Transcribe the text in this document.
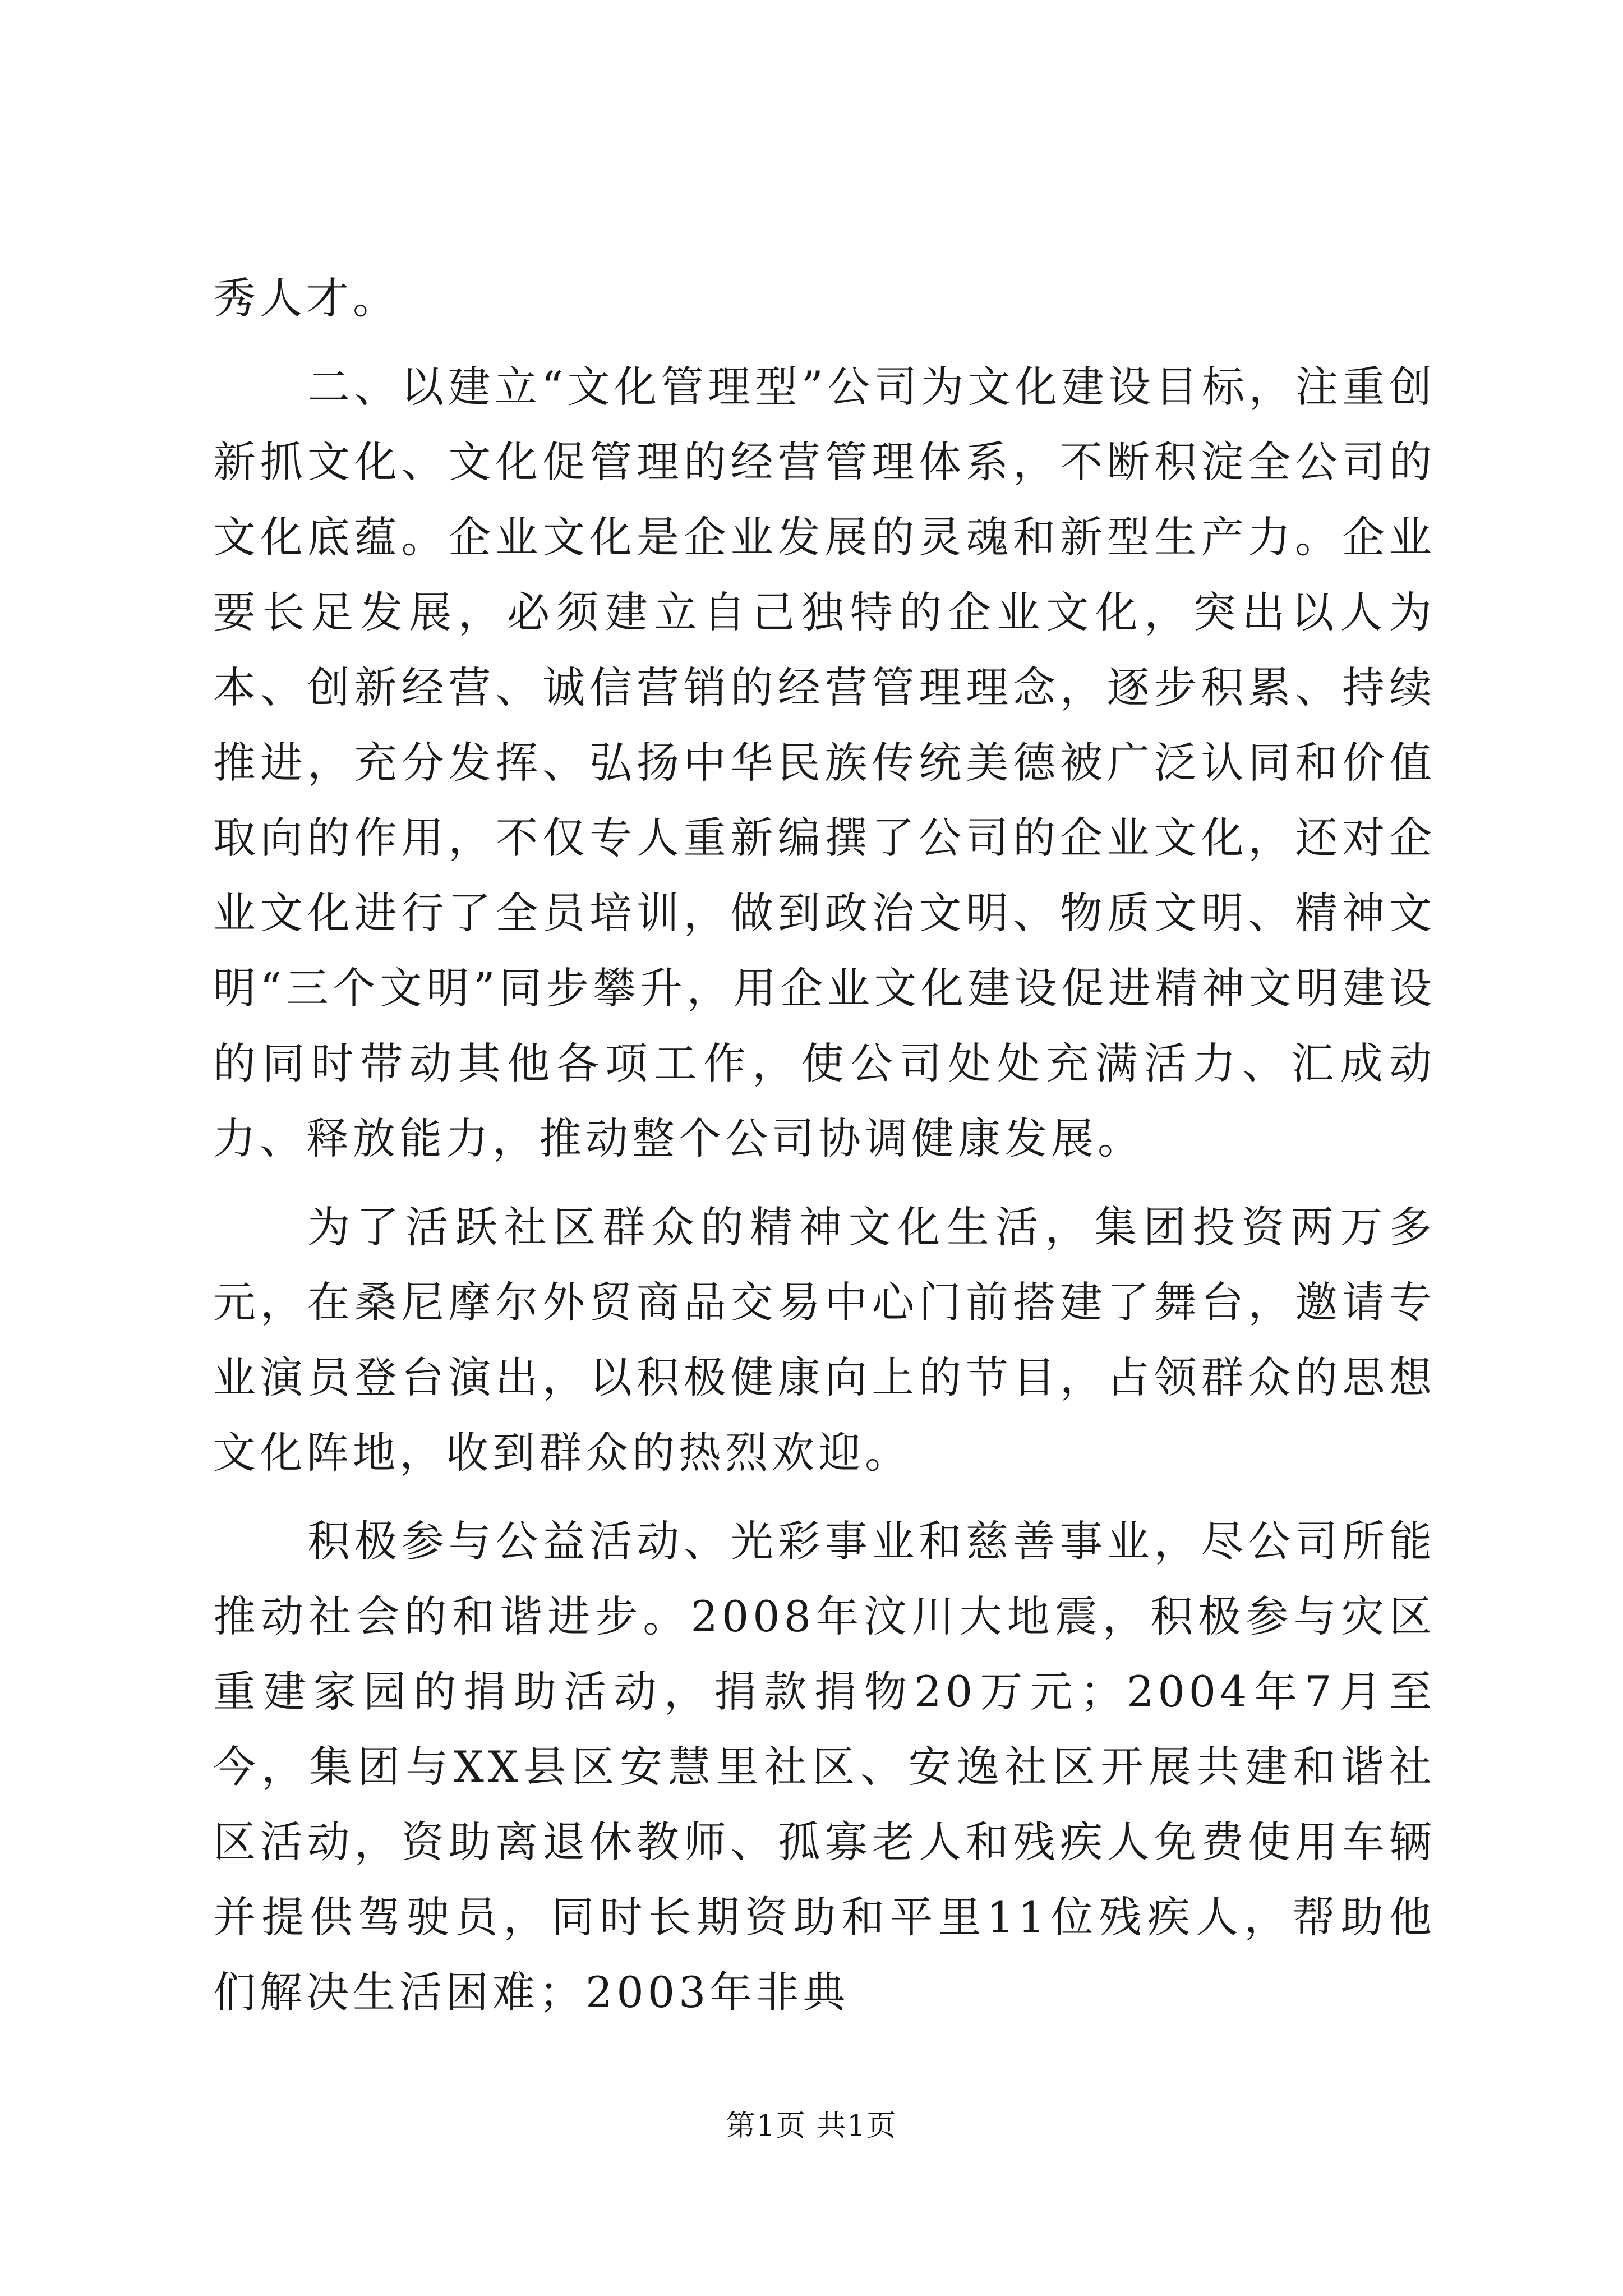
秀人才。

二、以建立“文化管理型”公司为文化建设目标，注重创新抓文化、文化促管理的经营管理体系，不断积淀全公司的文化底蕴。企业文化是企业发展的灵魂和新型生产力。企业要长足发展，必须建立自己独特的企业文化，突出以人为本、创新经营、诚信营销的经营管理理念，逐步积累、持续推进，充分发挥、弘扬中华民族传统美德被广泛认同和价值取向的作用，不仅专人重新编撰了公司的企业文化，还对企业文化进行了全员培训，做到政治文明、物质文明、精神文明“三个文明”同步攀升，用企业文化建设促进精神文明建设的同时带动其他各项工作，使公司处处充满活力、汇成动力、释放能力，推动整个公司协调健康发展。

为了活跃社区群众的精神文化生活，集团投资两万多元，在桑尼摩尔外贸商品交易中心门前搭建了舞台，邀请专业演员登台演出，以积极健康向上的节目，占领群众的思想文化阵地，收到群众的热烈欢迎。

积极参与公益活动、光彩事业和慈善事业，尽公司所能推动社会的和谐进步。2008年汶川大地震，积极参与灾区重建家园的捐助活动，捐款捐物20万元；2004年7月至今，集团与XX县区安慧里社区、安逸社区开展共建和谐社区活动，资助离退休教师、孤寡老人和残疾人免费使用车辆并提供驾驶员，同时长期资助和平里11位残疾人，帮助他们解决生活困难；2003年非典

第1页 共1页
